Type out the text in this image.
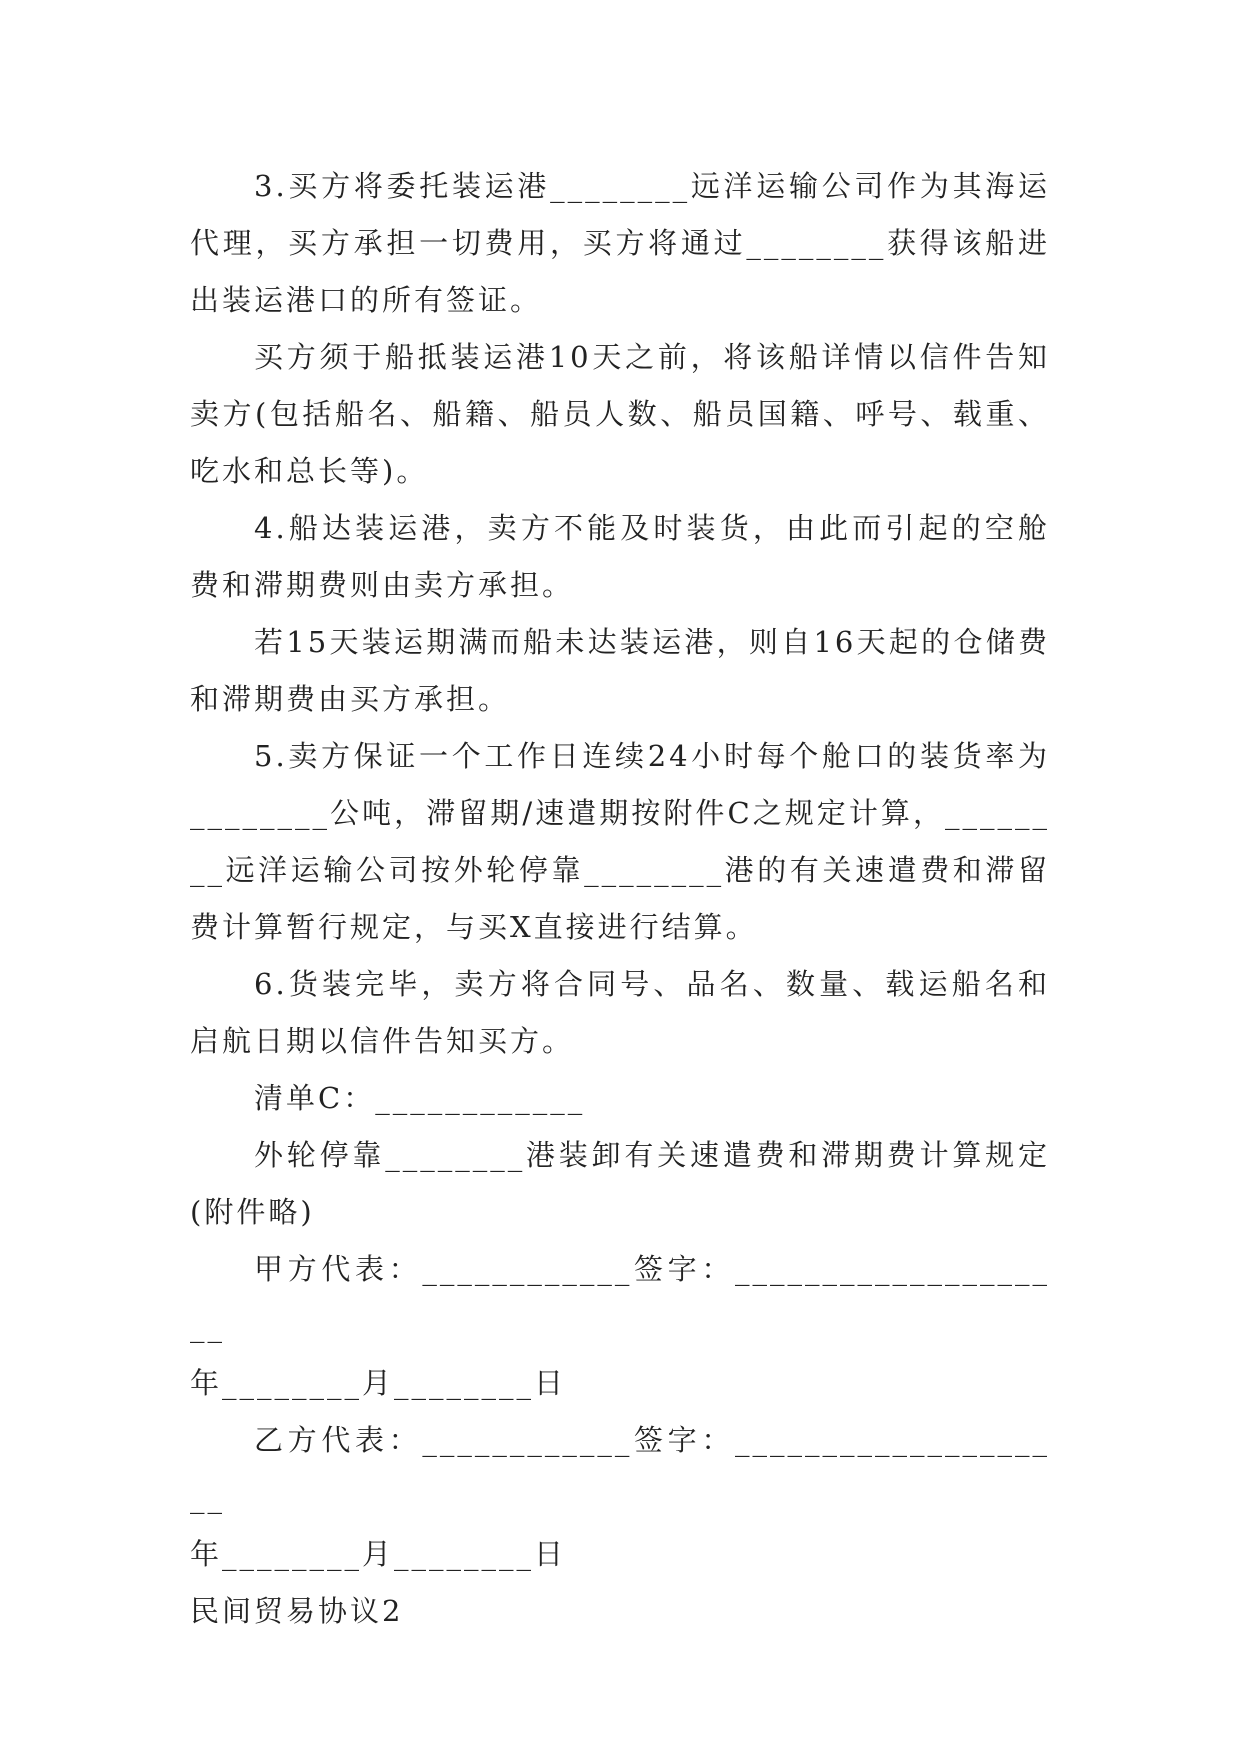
3.买方将委托装运港________远洋运输公司作为其海运代理，买方承担一切费用，买方将通过________获得该船进出装运港口的所有签证。

买方须于船抵装运港10天之前，将该船详情以信件告知卖方(包括船名、船籍、船员人数、船员国籍、呼号、载重、吃水和总长等)。

4.船达装运港，卖方不能及时装货，由此而引起的空舱费和滞期费则由卖方承担。

若15天装运期满而船未达装运港，则自16天起的仓储费和滞期费由买方承担。

5.卖方保证一个工作日连续24小时每个舱口的装货率为________公吨，滞留期/速遣期按附件C之规定计算，________远洋运输公司按外轮停靠________港的有关速遣费和滞留费计算暂行规定，与买X直接进行结算。

6.货装完毕，卖方将合同号、品名、数量、载运船名和启航日期以信件告知买方。

清单C：____________

外轮停靠________港装卸有关速遣费和滞期费计算规定(附件略)

甲方代表：____________签字：____________________

年________月________日

乙方代表：____________签字：____________________

年________月________日

民间贸易协议2
